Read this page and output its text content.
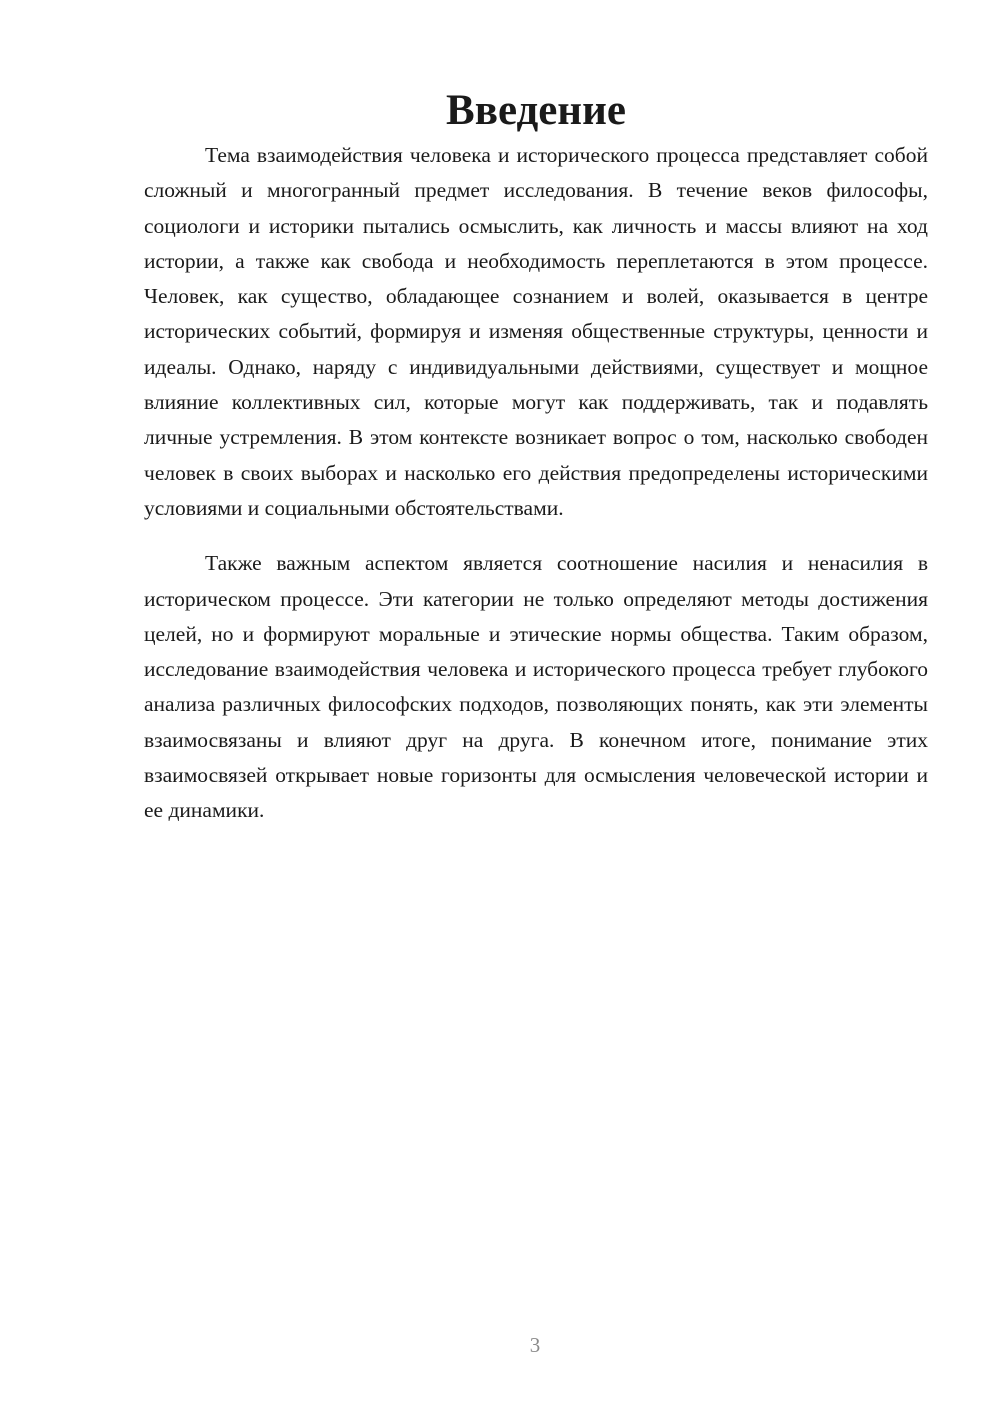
Введение

Тема взаимодействия человека и исторического процесса представляет собой сложный и многогранный предмет исследования. В течение веков философы, социологи и историки пытались осмыслить, как личность и массы влияют на ход истории, а также как свобода и необходимость переплетаются в этом процессе. Человек, как существо, обладающее сознанием и волей, оказывается в центре исторических событий, формируя и изменяя общественные структуры, ценности и идеалы. Однако, наряду с индивидуальными действиями, существует и мощное влияние коллективных сил, которые могут как поддерживать, так и подавлять личные устремления. В этом контексте возникает вопрос о том, насколько свободен человек в своих выборах и насколько его действия предопределены историческими условиями и социальными обстоятельствами.

Также важным аспектом является соотношение насилия и ненасилия в историческом процессе. Эти категории не только определяют методы достижения целей, но и формируют моральные и этические нормы общества. Таким образом, исследование взаимодействия человека и исторического процесса требует глубокого анализа различных философских подходов, позволяющих понять, как эти элементы взаимосвязаны и влияют друг на друга. В конечном итоге, понимание этих взаимосвязей открывает новые горизонты для осмысления человеческой истории и ее динамики.

3
